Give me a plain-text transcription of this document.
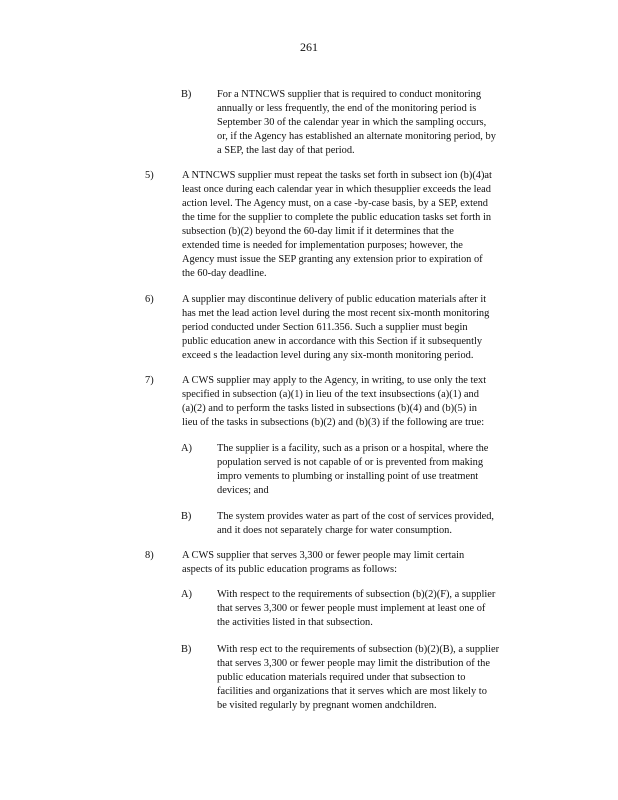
261
B) For a NTNCWS supplier that is required to conduct monitoring
annually or less frequently, the end of the monitoring period is
September 30 of the calendar year in which the sampling occurs,
or, if the Agency has established an alternate monitoring period, by
a SEP, the last day of that period.
5)	A NTNCWS supplier must repeat the tasks set forth in subsect ion (b)(4)at
least once during each calendar year in which thesupplier exceeds the lead
action level. The Agency must, on a case -by-case basis, by a SEP, extend
the time for the supplier to complete the public education tasks set forth in
subsection (b)(2) beyond the 60-day limit if it determines that the
extended time is needed for implementation purposes; however, the
Agency must issue the SEP granting any extension prior to expiration of
the 60-day deadline.
6)	A supplier may discontinue delivery of public education materials after it
has met the lead action level during the most recent six-month monitoring
period conducted under Section 611.356. Such a supplier must begin
public education anew in accordance with this Section if it subsequently
exceed s the leadaction level during any six-month monitoring period.
7)	A CWS supplier may apply to the Agency, in writing, to use only the text
specified in subsection (a)(1) in lieu of the text insubsections (a)(1) and
(a)(2) and to perform the tasks listed in subsections (b)(4) and (b)(5) in
lieu of the tasks in subsections (b)(2) and (b)(3) if the following are true:
A) The supplier is a facility, such as a prison or a hospital, where the
population served is not capable of or is prevented from making
impro vements to plumbing or installing point of use treatment
devices; and
B) The system provides water as part of the cost of services provided,
and it does not separately charge for water consumption.
8)	A CWS supplier that serves 3,300 or fewer people may limit certain
aspects of its public education programs as follows:
A) With respect to the requirements of subsection (b)(2)(F), a supplier
that serves 3,300 or fewer people must implement at least one of
the activities listed in that subsection.
B) With resp ect to the requirements of subsection (b)(2)(B), a supplier
that serves 3,300 or fewer people may limit the distribution of the
public education materials required under that subsection to
facilities and organizations that it serves which are most likely to
be visited regularly by pregnant women andchildren.
